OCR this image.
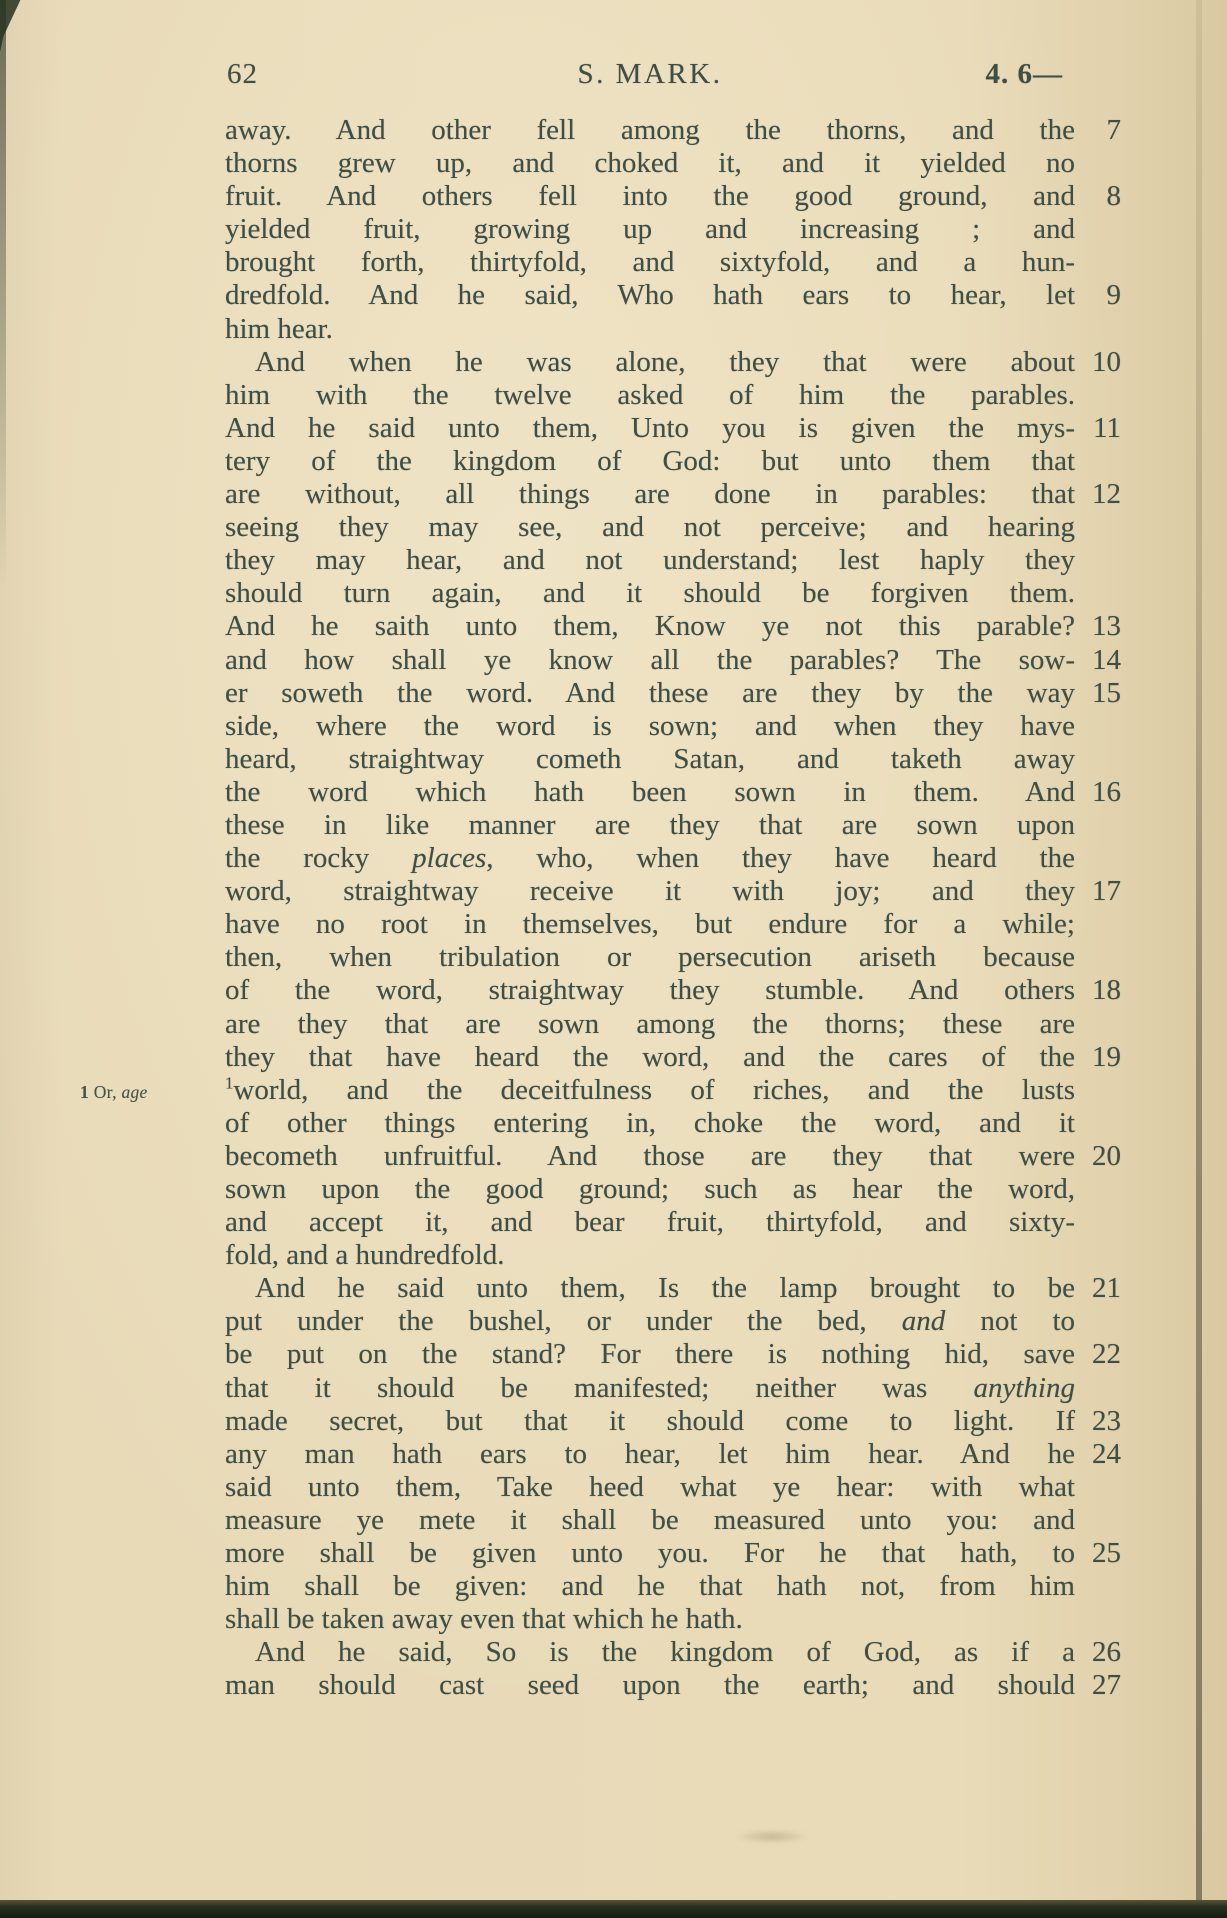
62	S. MARK.	4. 6—
away. And other fell among the thorns, and the	7
thorns grew up, and choked it, and it yielded no
fruit. And others fell into the good ground, and	8
yielded fruit, growing up and increasing ; and
brought forth, thirtyfold, and sixtyfold, and a hun-
dredfold. And he said, Who hath ears to hear, let	9
him hear.
And when he was alone, they that were about 10
him with the twelve asked of him the parables.
And he said unto them, Unto you is given the mys- 11
tery of the kingdom of God: but unto them that
are without, all things are done in parables: that 12
seeing they may see, and not perceive; and hearing
they may hear, and not understand; lest haply they
should turn again, and it should be forgiven them.
And he saith unto them, Know ye not this parable? 13
and how shall ye know all the parables? The sow- 14
er soweth the word. And these are they by the way 15
side, where the word is sown; and when they have
heard, straightway cometh Satan, and taketh away
the word which hath been sown in them. And 16
these in like manner are they that are sown upon
the rocky places, who, when they have heard the
word, straightway receive it with joy; and they 17
have no root in themselves, but endure for a while;
then, when tribulation or persecution ariseth because
of the word, straightway they stumble. And others 18
are they that are sown among the thorns; these are
they that have heard the word, and the cares of the 19
$^1$world, and the deceitfulness of riches, and the lusts
of other things entering in, choke the word, and it
becometh unfruitful. And those are they that were 20
sown upon the good ground; such as hear the word,
and accept it, and bear fruit, thirtyfold, and sixty-
fold, and a hundredfold.
And he said unto them, Is the lamp brought to be 21
put under the bushel, or under the bed, and not to
be put on the stand? For there is nothing hid, save 22
that it should be manifested; neither was anything
made secret, but that it should come to light. If 23
any man hath ears to hear, let him hear. And he 24
said unto them, Take heed what ye hear: with what
measure ye mete it shall be measured unto you: and
more shall be given unto you. For he that hath, to 25
him shall be given: and he that hath not, from him
shall be taken away even that which he hath.
And he said, So is the kingdom of God, as if a 26
man should cast seed upon the earth; and should 27
1 Or, age
